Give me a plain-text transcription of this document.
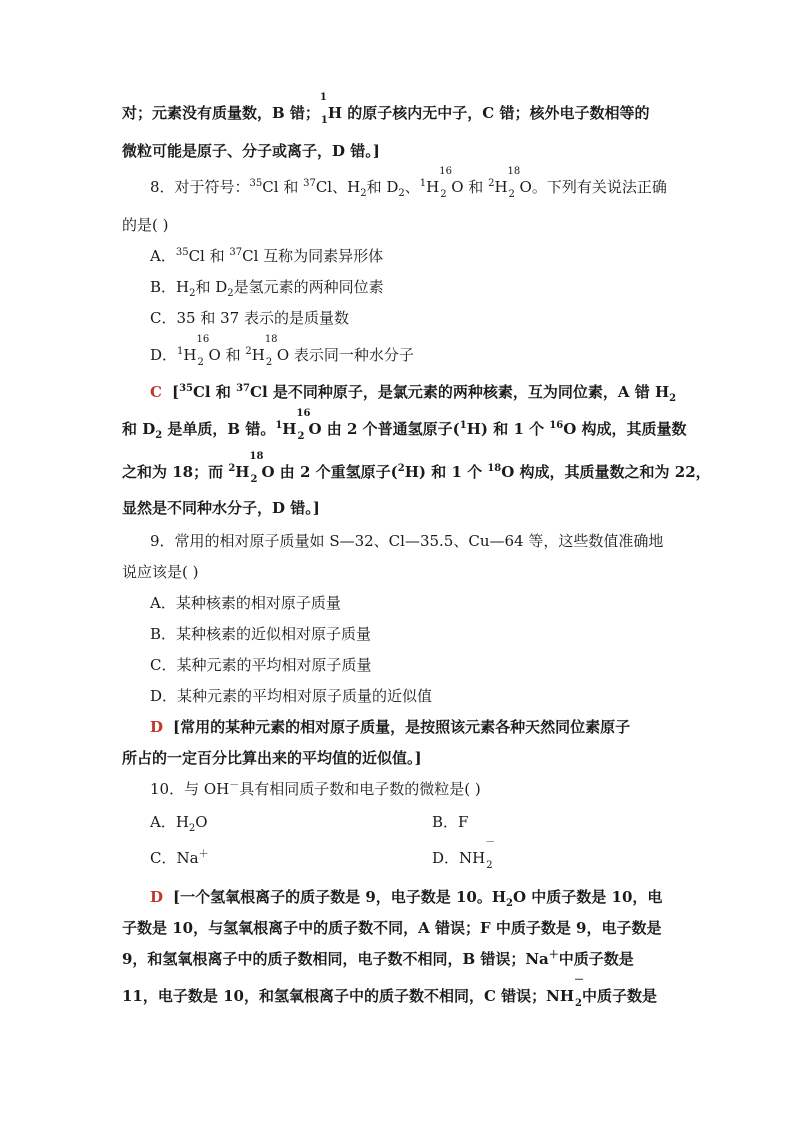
对；元素没有质量数，B 错；
1
1 H 的原子核内无中子，C 错；核外电子数相等的
微粒可能是原子、分子或离子，D 错。]
8．对于符号：$^{35}$Cl 和 $^{37}$Cl、$H_2$和 $D_2$、$^1$H
16
2 O 和 $^2$H
18
2 O。下列有关说法正确
的是( )
A．$^{35}$Cl 和 $^{37}$Cl 互称为同素异形体
B．$H_2$和 $D_2$是氢元素的两种同位素
C．35 和 37 表示的是质量数
D．$^1$H
16
2 O 和 $^2$H
18
2 O 表示同一种水分子
C [$^{35}$Cl 和 $^{37}$Cl 是不同种原子，是氯元素的两种核素，互为同位素，A 错 $H_2$
和 $D_2$ 是单质，B 错。$^1$H
16
2 O 由 2 个普通氢原子($^1$H) 和 1 个 $^{16}$O 构成，其质量数
之和为 18；而 $^2$H
18
2 O 由 2 个重氢原子($^2$H) 和 1 个 $^{18}$O 构成，其质量数之和为 22，
显然是不同种水分子，D 错。]
9．常用的相对原子质量如 S—32、Cl—35.5、Cu—64 等，这些数值准确地
说应该是( )
A．某种核素的相对原子质量
B．某种核素的近似相对原子质量
C．某种元素的平均相对原子质量
D．某种元素的平均相对原子质量的近似值
D [常用的某种元素的相对原子质量，是按照该元素各种天然同位素原子
所占的一定百分比算出来的平均值的近似值。]
10．与 OH－具有相同质子数和电子数的微粒是( )
A．$H_2O$	B．F
C．Na＋	D．NH
－
2
D [一个氢氧根离子的质子数是 9，电子数是 10。$H_2O$ 中质子数是 10，电
子数是 10，与氢氧根离子中的质子数不同，A 错误；F 中质子数是 9，电子数是
9，和氢氧根离子中的质子数相同，电子数不相同，B 错误；Na＋中质子数是
11，电子数是 10，和氢氧根离子中的质子数不相同，C 错误；NH
－
2 中质子数是
